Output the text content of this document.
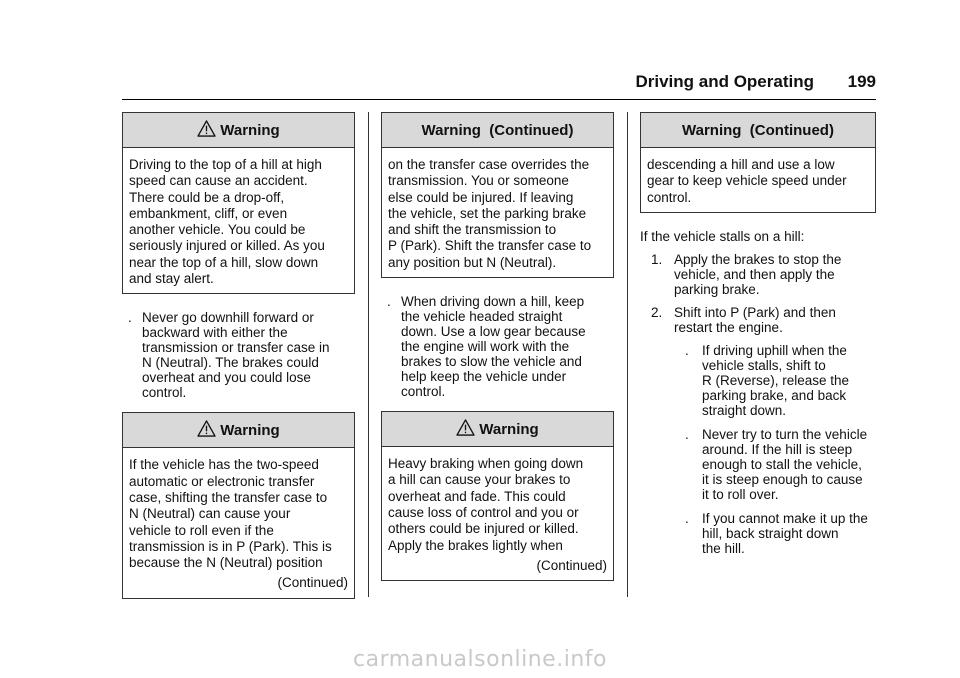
Driving and Operating 199
Warning
Driving to the top of a hill at high
speed can cause an accident.
There could be a drop-off,
embankment, cliff, or even
another vehicle. You could be
seriously injured or killed. As you
near the top of a hill, slow down
and stay alert.
. Never go downhill forward or
backward with either the
transmission or transfer case in
N (Neutral). The brakes could
overheat and you could lose
control.
Warning
If the vehicle has the two-speed
automatic or electronic transfer
case, shifting the transfer case to
N (Neutral) can cause your
vehicle to roll even if the
transmission is in P (Park). This is
because the N (Neutral) position
(Continued)
Warning  (Continued)
on the transfer case overrides the
transmission. You or someone
else could be injured. If leaving
the vehicle, set the parking brake
and shift the transmission to
P (Park). Shift the transfer case to
any position but N (Neutral).
. When driving down a hill, keep
the vehicle headed straight
down. Use a low gear because
the engine will work with the
brakes to slow the vehicle and
help keep the vehicle under
control.
Warning
Heavy braking when going down
a hill can cause your brakes to
overheat and fade. This could
cause loss of control and you or
others could be injured or killed.
Apply the brakes lightly when
(Continued)
Warning  (Continued)
descending a hill and use a low
gear to keep vehicle speed under
control.
If the vehicle stalls on a hill:
1. Apply the brakes to stop the
vehicle, and then apply the
parking brake.
2. Shift into P (Park) and then
restart the engine.
. If driving uphill when the
vehicle stalls, shift to
R (Reverse), release the
parking brake, and back
straight down.
. Never try to turn the vehicle
around. If the hill is steep
enough to stall the vehicle,
it is steep enough to cause
it to roll over.
. If you cannot make it up the
hill, back straight down
the hill.
carmanualsonline.info
